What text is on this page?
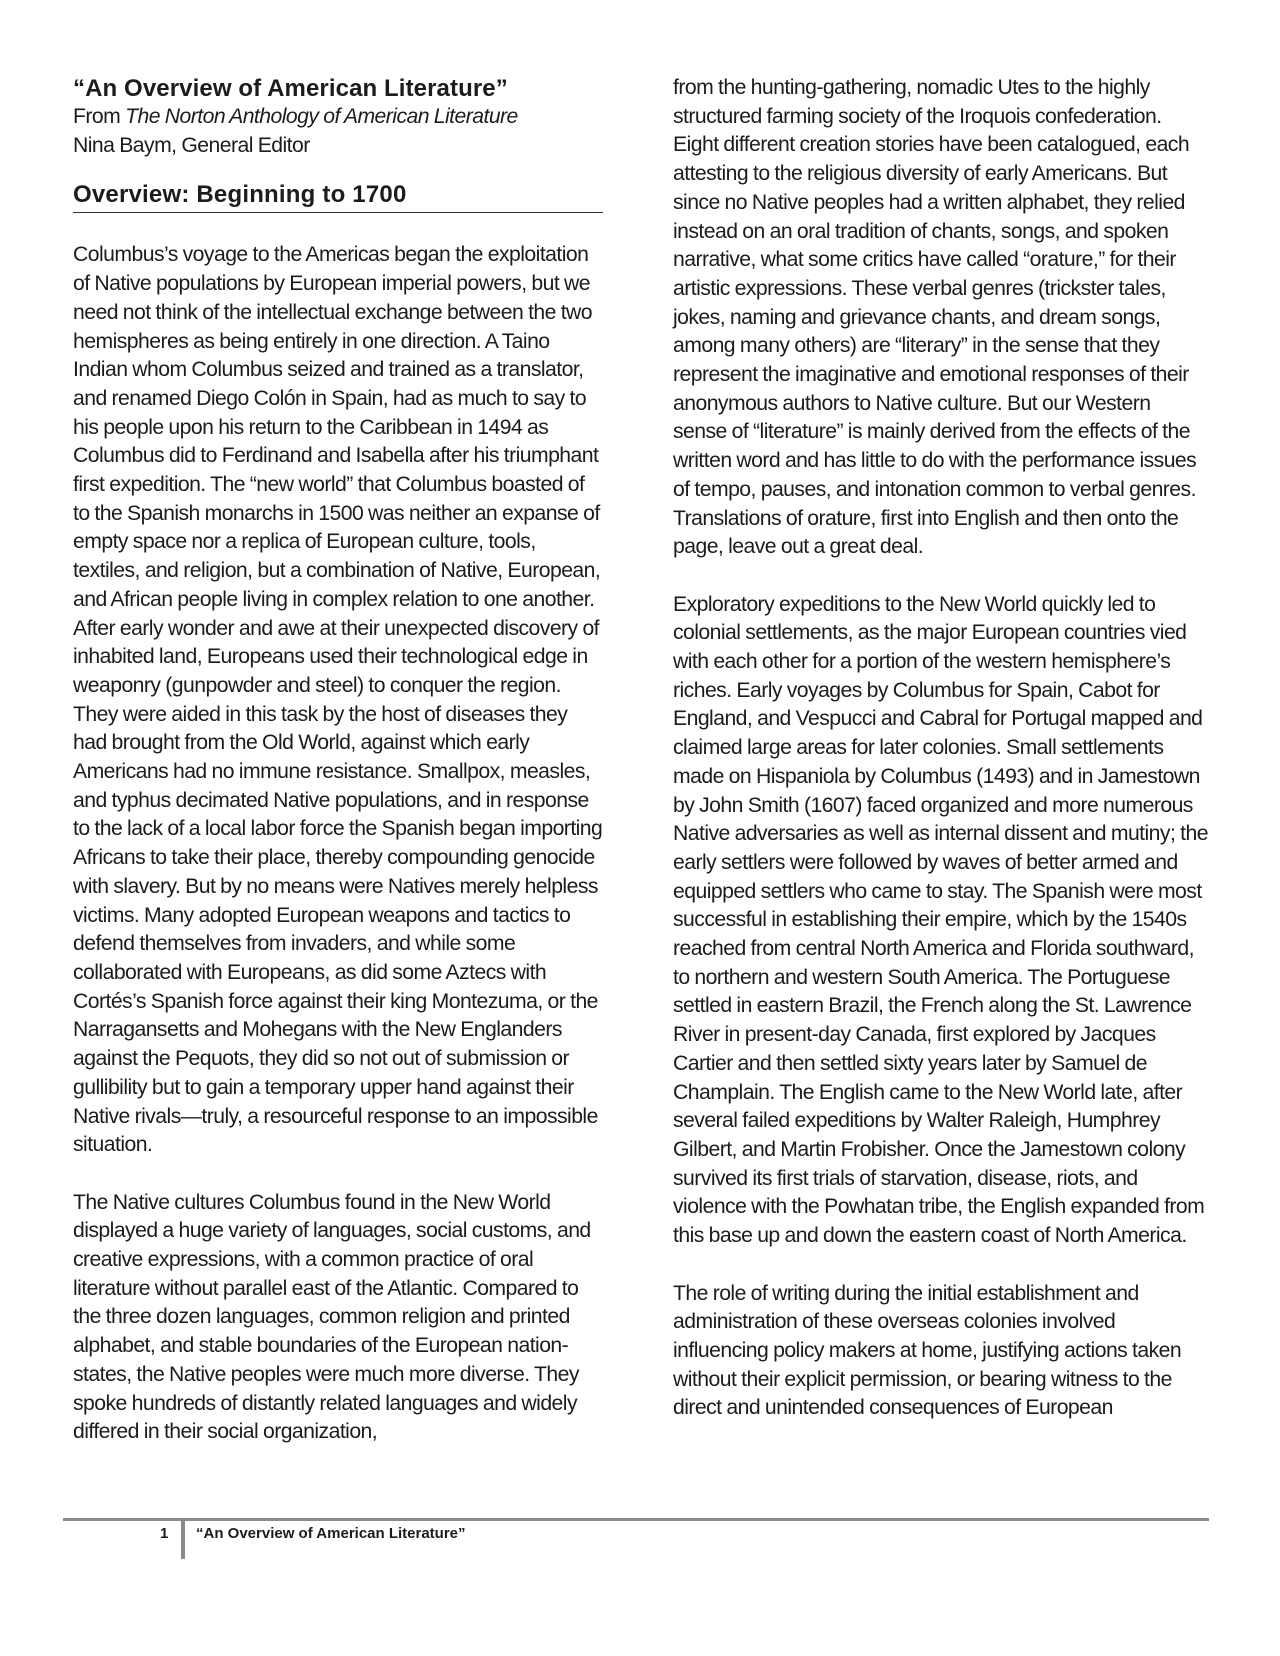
“An Overview of American Literature”

From The Norton Anthology of American Literature

Nina Baym, General Editor

Overview: Beginning to 1700

Columbus’s voyage to the Americas began the exploitation of Native populations by European imperial powers, but we need not think of the intellectual exchange between the two hemispheres as being entirely in one direction. A Taino Indian whom Columbus seized and trained as a translator, and renamed Diego Colón in Spain, had as much to say to his people upon his return to the Caribbean in 1494 as Columbus did to Ferdinand and Isabella after his triumphant first expedition. The “new world” that Columbus boasted of to the Spanish monarchs in 1500 was neither an expanse of empty space nor a replica of European culture, tools, textiles, and religion, but a combination of Native, European, and African people living in complex relation to one another. After early wonder and awe at their unexpected discovery of inhabited land, Europeans used their technological edge in weaponry (gunpowder and steel) to conquer the region. They were aided in this task by the host of diseases they had brought from the Old World, against which early Americans had no immune resistance. Smallpox, measles, and typhus decimated Native populations, and in response to the lack of a local labor force the Spanish began importing Africans to take their place, thereby compounding genocide with slavery. But by no means were Natives merely helpless victims. Many adopted European weapons and tactics to defend themselves from invaders, and while some collaborated with Europeans, as did some Aztecs with Cortés’s Spanish force against their king Montezuma, or the Narragansetts and Mohegans with the New Englanders against the Pequots, they did so not out of submission or gullibility but to gain a temporary upper hand against their Native rivals—truly, a resourceful response to an impossible situation.

The Native cultures Columbus found in the New World displayed a huge variety of languages, social customs, and creative expressions, with a common practice of oral literature without parallel east of the Atlantic. Compared to the three dozen languages, common religion and printed alphabet, and stable boundaries of the European nation-states, the Native peoples were much more diverse. They spoke hundreds of distantly related languages and widely differed in their social organization,

from the hunting-gathering, nomadic Utes to the highly structured farming society of the Iroquois confederation. Eight different creation stories have been catalogued, each attesting to the religious diversity of early Americans. But since no Native peoples had a written alphabet, they relied instead on an oral tradition of chants, songs, and spoken narrative, what some critics have called “orature,” for their artistic expressions. These verbal genres (trickster tales, jokes, naming and grievance chants, and dream songs, among many others) are “literary” in the sense that they represent the imaginative and emotional responses of their anonymous authors to Native culture. But our Western sense of “literature” is mainly derived from the effects of the written word and has little to do with the performance issues of tempo, pauses, and intonation common to verbal genres. Translations of orature, first into English and then onto the page, leave out a great deal.

Exploratory expeditions to the New World quickly led to colonial settlements, as the major European countries vied with each other for a portion of the western hemisphere’s riches. Early voyages by Columbus for Spain, Cabot for England, and Vespucci and Cabral for Portugal mapped and claimed large areas for later colonies. Small settlements made on Hispaniola by Columbus (1493) and in Jamestown by John Smith (1607) faced organized and more numerous Native adversaries as well as internal dissent and mutiny; the early settlers were followed by waves of better armed and equipped settlers who came to stay. The Spanish were most successful in establishing their empire, which by the 1540s reached from central North America and Florida southward, to northern and western South America. The Portuguese settled in eastern Brazil, the French along the St. Lawrence River in present-day Canada, first explored by Jacques Cartier and then settled sixty years later by Samuel de Champlain. The English came to the New World late, after several failed expeditions by Walter Raleigh, Humphrey Gilbert, and Martin Frobisher. Once the Jamestown colony survived its first trials of starvation, disease, riots, and violence with the Powhatan tribe, the English expanded from this base up and down the eastern coast of North America.

The role of writing during the initial establishment and administration of these overseas colonies involved influencing policy makers at home, justifying actions taken without their explicit permission, or bearing witness to the direct and unintended consequences of European

1 “An Overview of American Literature”
